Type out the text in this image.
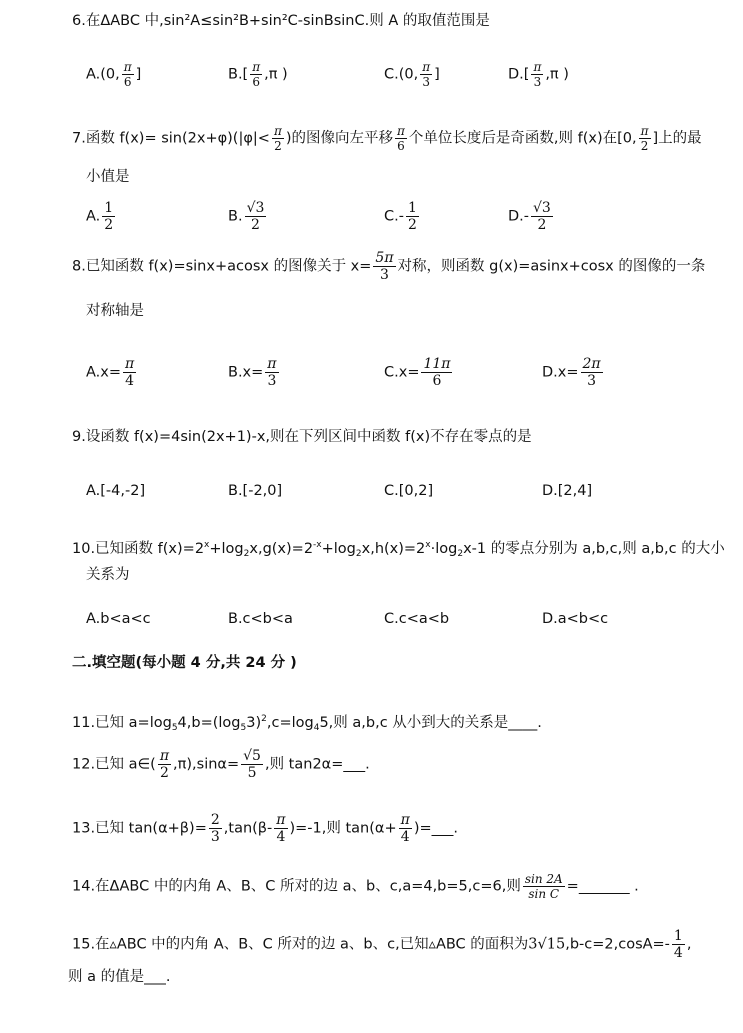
6.在ΔABC 中,sin²A≤sin²B+sin²C-sinBsinC.则 A 的取值范围是
A.(0, $\frac{\pi}{6}$ ]	$B.[ \frac{\pi}{6} ,\pi$ )	C.(0, $\frac{\pi}{3}$ ]	$D.[ \frac{\pi}{3} ,\pi$ )
7.函数 $f(x)= \sin(2x+\varphi)(|\varphi|< \frac{\pi}{2}$ )的图像向左平移 $\frac{\pi}{6}$ 个单位长度后是奇函数,则 f(x)在[0, $\frac{\pi}{2}$ ]上的最
小值是
A. $\frac{1}{2}$	B. $\frac{√3}{2}$	$C.- \frac{1}{2}$	$D.- \frac{√3}{2}$
8.已知函数 f(x)=sinx+acosx 的图像关于 $x= \frac{5\pi}{3}$ 对称，则函数 g(x)=asinx+cosx 的图像的一条
对称轴是
$A.x= \frac{\pi}{4}$	$B.x= \frac{\pi}{3}$	$C.x= \frac{11\pi}{6}$	$D.x= \frac{2\pi}{3}$
9.设函数 f(x)=4sin(2x+1)-x,则在下列区间中函数 f(x)不存在零点的是
A.[-4,-2]	B.[-2,0]	C.[0,2]	D.[2,4]
10.已知函数 $f(x)=2^x+\log_2x,g(x)=2^{-x}+\log_2x,h(x)=2^x\cdot\log_2x-1$ 的零点分别为 a,b,c,则 a,b,c 的大小
关系为
A.b<a<c	B.c<b<a	C.c<a<b	D.a<b<c
二.填空题(每小题 4 分,共 24 分 )
11.已知 $a=\log_54,b=(\log_53)^2,c=\log_45$,则 a,b,c 从小到大的关系是____.
12.已知 a∈( $\frac{\pi}{2} ,\pi),\sin\alpha= \frac{√5}{5}$ ,则 tan2α=___.
13.已知 $\tan(\alpha+\beta)= \frac{2}{3} ,\tan(\beta- \frac{\pi}{4} )=-1$,则 $\tan(\alpha+ \frac{\pi}{4}$ )=___.
14.在ΔABC 中的内角 A、B、C 所对的边 a、b、c,a=4,b=5,c=6,则 $\frac{\sin 2A}{\text{sin C}}$ =_______ .
15.在▵ABC 中的内角 A、B、C 所对的边 a、b、c,已知▵ABC 的面积为$3√15,b-c=2,\cos A=- \frac{1}{4}$ ,
则 a 的值是___.
